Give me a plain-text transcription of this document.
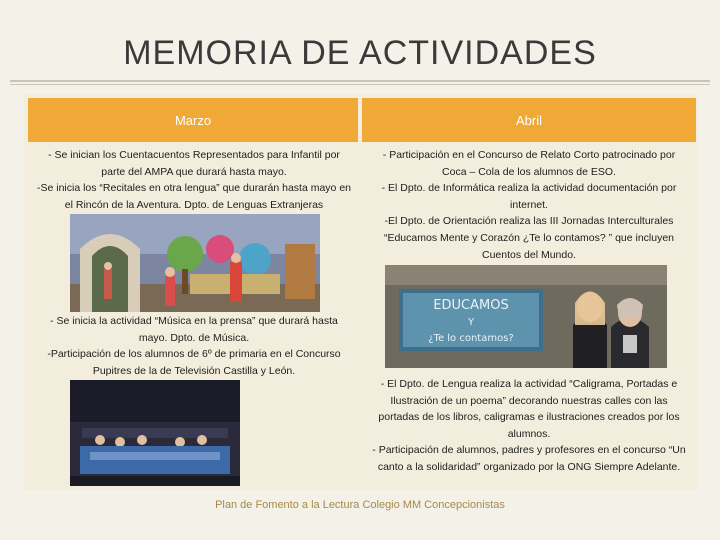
MEMORIA DE ACTIVIDADES
Marzo	Abril
- Se inician los Cuentacuentos Representados para Infantil por
parte del AMPA que durará hasta mayo.
-Se inicia los “Recitales en otra lengua” que durarán hasta mayo en
el Rincón de la Aventura. Dpto. de Lenguas Extranjeras
- Participación en el Concurso de Relato Corto patrocinado por
Coca – Cola de los alumnos de ESO.
- El Dpto. de Informática realiza la actividad documentación por
internet.
-El Dpto. de Orientación realiza las III Jornadas Interculturales
“Educamos Mente y Corazón ¿Te lo contamos? ” que incluyen
Cuentos del Mundo.
- Se inicia la actividad “Música en la prensa” que durará hasta
mayo. Dpto. de Música.
-Participación de los alumnos de 6º de primaria en el Concurso
Pupitres de la de Televisión Castilla y León.
EDUCAMOS
Y
¿Te lo contamos?
- El Dpto. de Lengua realiza la actividad “Caligrama, Portadas e
Ilustración de un poema” decorando nuestras calles con las
portadas de los libros, caligramas e ilustraciones creados por los
alumnos.
- Participación de alumnos, padres y profesores en el concurso “Un
canto a la solidaridad” organizado por la ONG Siempre Adelante.
Plan de Fomento a la Lectura Colegio MM Concepcionistas
